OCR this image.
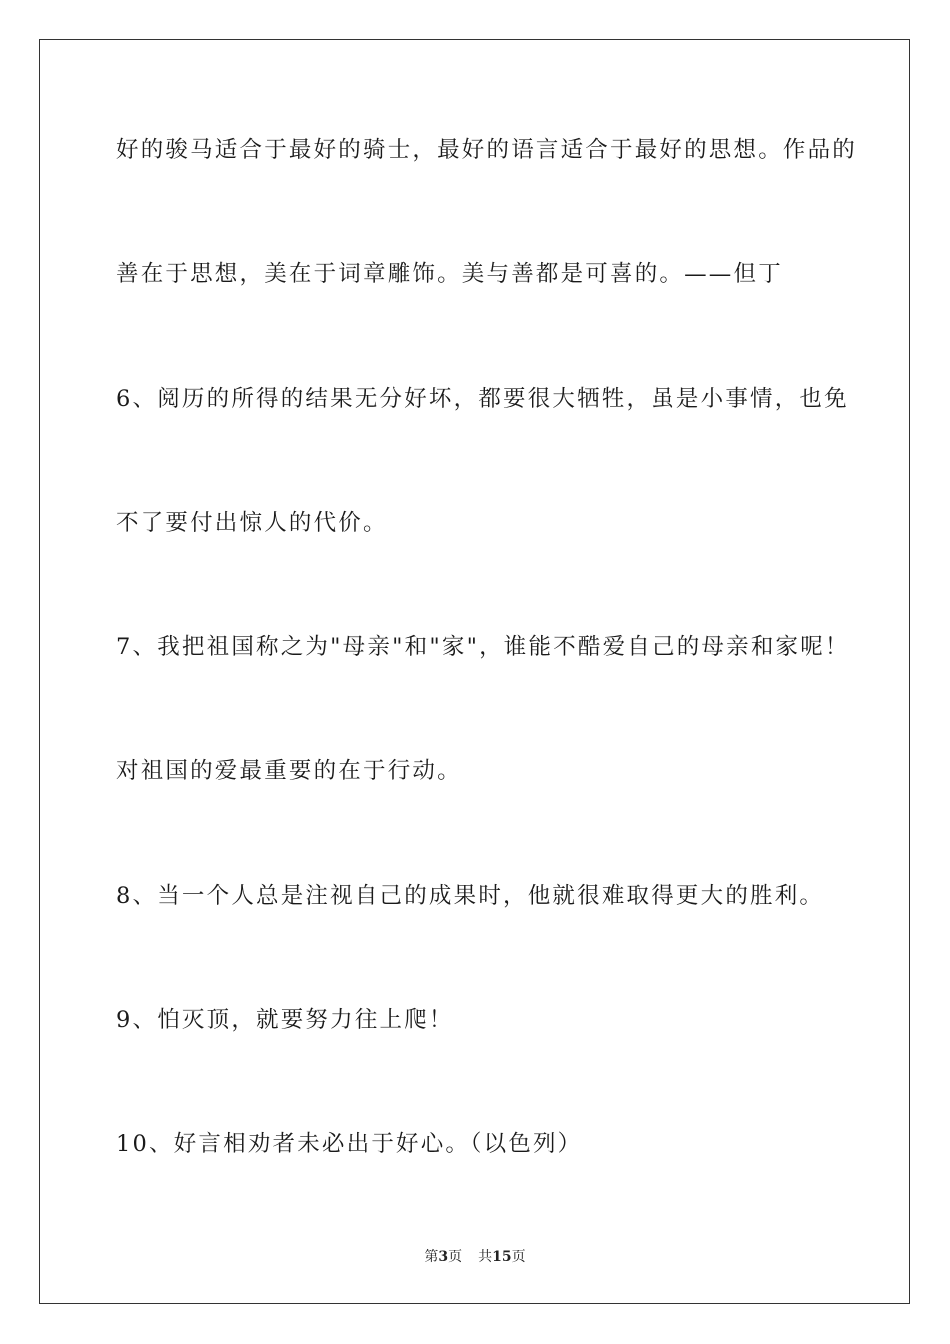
好的骏马适合于最好的骑士，最好的语言适合于最好的思想。作品的

善在于思想，美在于词章雕饰。美与善都是可喜的。——但丁

6、阅历的所得的结果无分好坏，都要很大牺牲，虽是小事情，也免

不了要付出惊人的代价。

7、我把祖国称之为"母亲"和"家"，谁能不酷爱自己的母亲和家呢！

对祖国的爱最重要的在于行动。

8、当一个人总是注视自己的成果时，他就很难取得更大的胜利。

9、怕灭顶，就要努力往上爬！

10、好言相劝者未必出于好心。（以色列）

第3页 共15页
